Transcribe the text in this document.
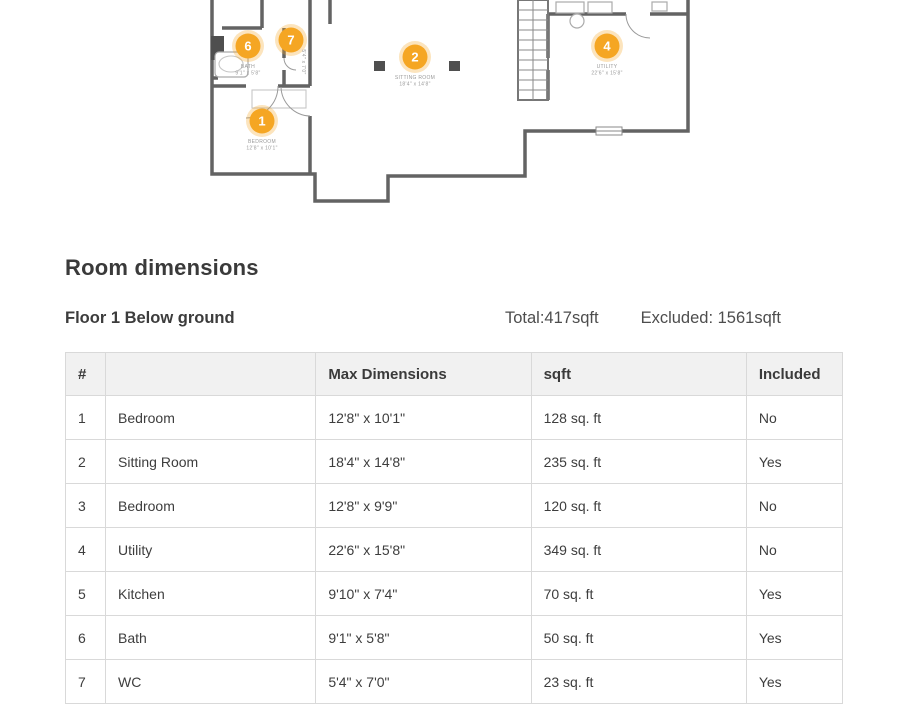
1
BEDROOM
12'8" x 10'1"
2
SITTING ROOM
18'4" x 14'8"
4
UTILITY
22'6" x 15'8"
6
BATH
9'1" x 5'8"
7
5'4" x 7'0"
Room dimensions
Floor 1 Below ground	Total:417sqft	Excluded: 1561sqft
#		Max Dimensions	sqft	Included
1	Bedroom	12'8" x 10'1"	128 sq. ft	No
2	Sitting Room	18'4" x 14'8"	235 sq. ft	Yes
3	Bedroom	12'8" x 9'9"	120 sq. ft	No
4	Utility	22'6" x 15'8"	349 sq. ft	No
5	Kitchen	9'10" x 7'4"	70 sq. ft	Yes
6	Bath	9'1" x 5'8"	50 sq. ft	Yes
7	WC	5'4" x 7'0"	23 sq. ft	Yes
